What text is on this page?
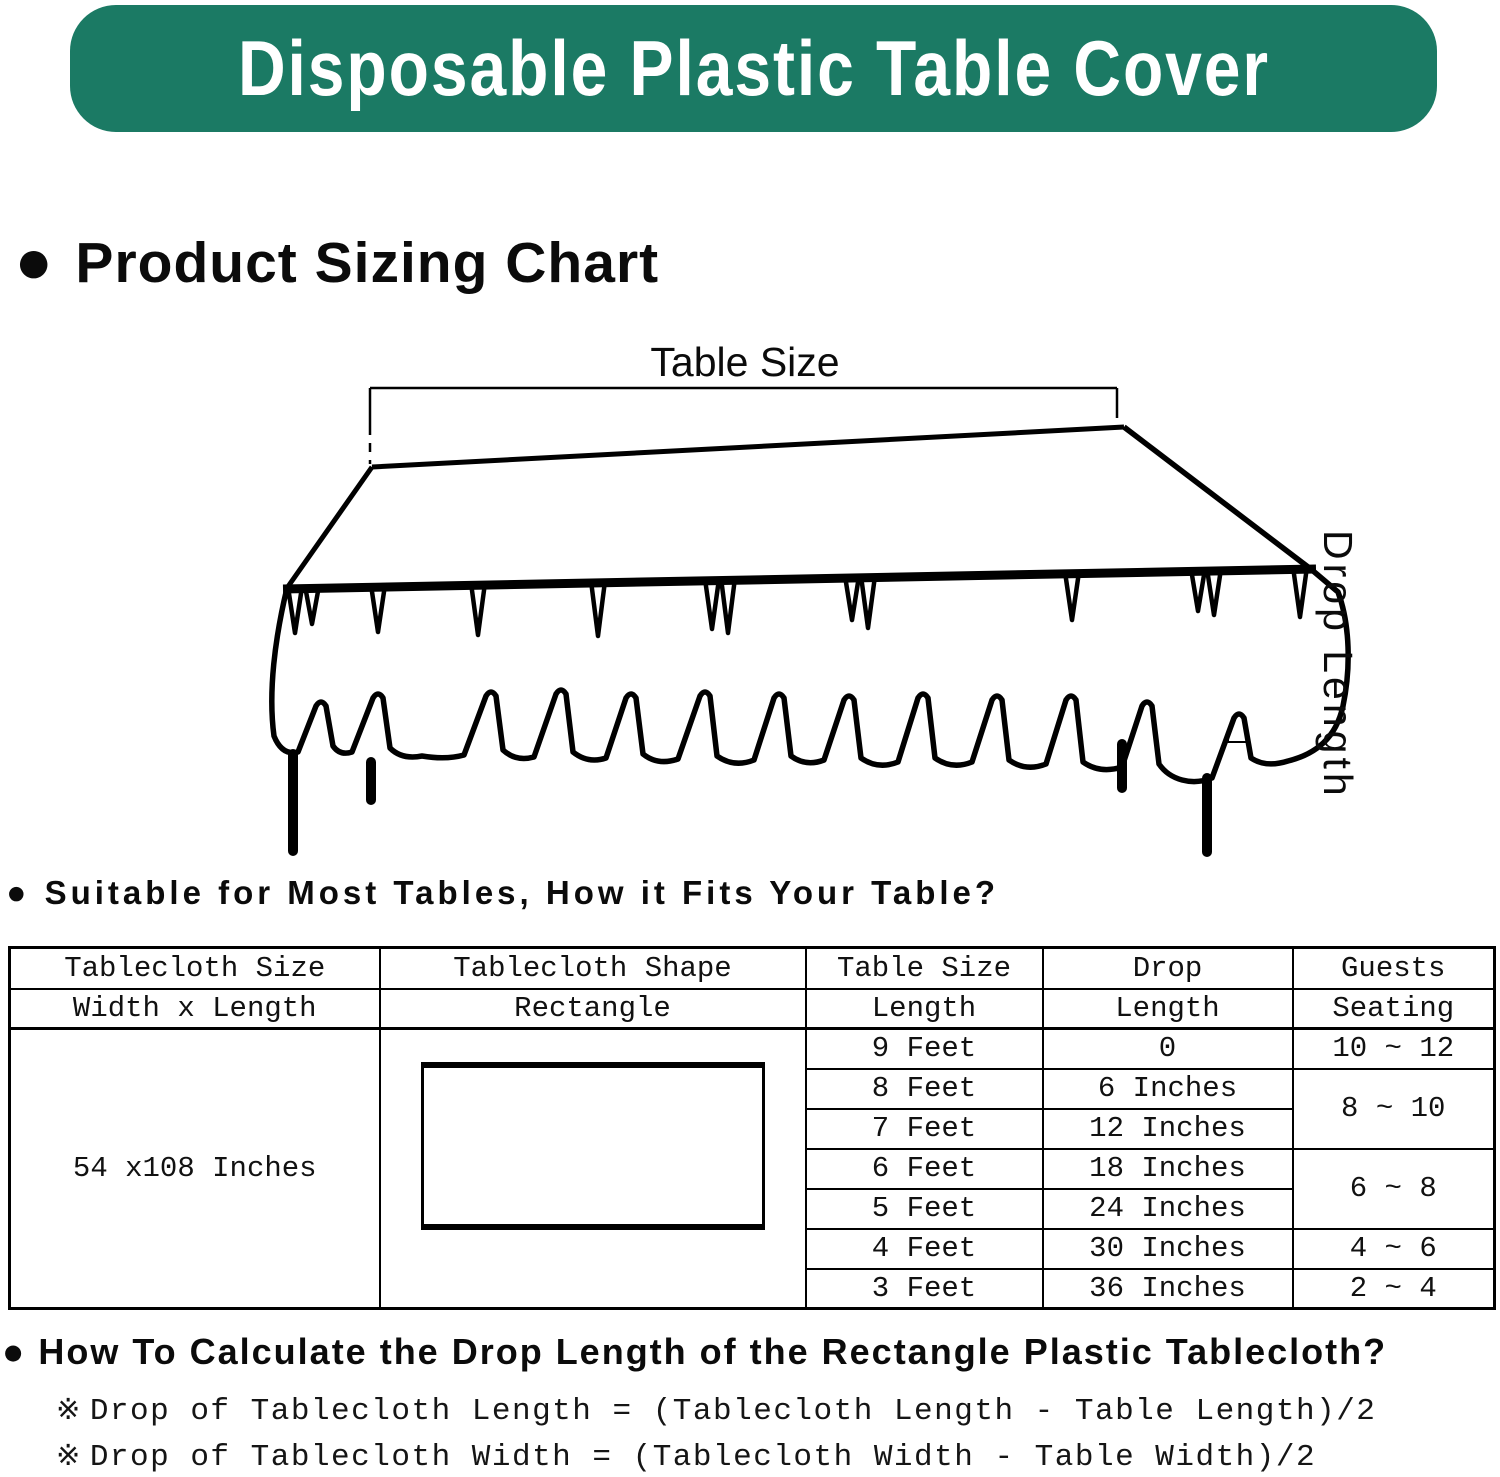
Disposable Plastic Table Cover
● Product Sizing Chart
Table Size
Drop Length
● Suitable for Most Tables, How it Fits Your Table?
Tablecloth Size	Tablecloth Shape	Table Size	Drop	Guests
Width x Length	Rectangle	Length	Length	Seating
54 x108 Inches		9 Feet	0	10 ~ 12
		8 Feet	6 Inches	8 ~ 10
		7 Feet	12 Inches	
		6 Feet	18 Inches	6 ~ 8
		5 Feet	24 Inches	
		4 Feet	30 Inches	4 ~ 6
		3 Feet	36 Inches	2 ~ 4
● How To Calculate the Drop Length of the Rectangle Plastic Tablecloth?
※ Drop of Tablecloth Length = (Tablecloth Length - Table Length)/2
※ Drop of Tablecloth Width = (Tablecloth Width - Table Width)/2
